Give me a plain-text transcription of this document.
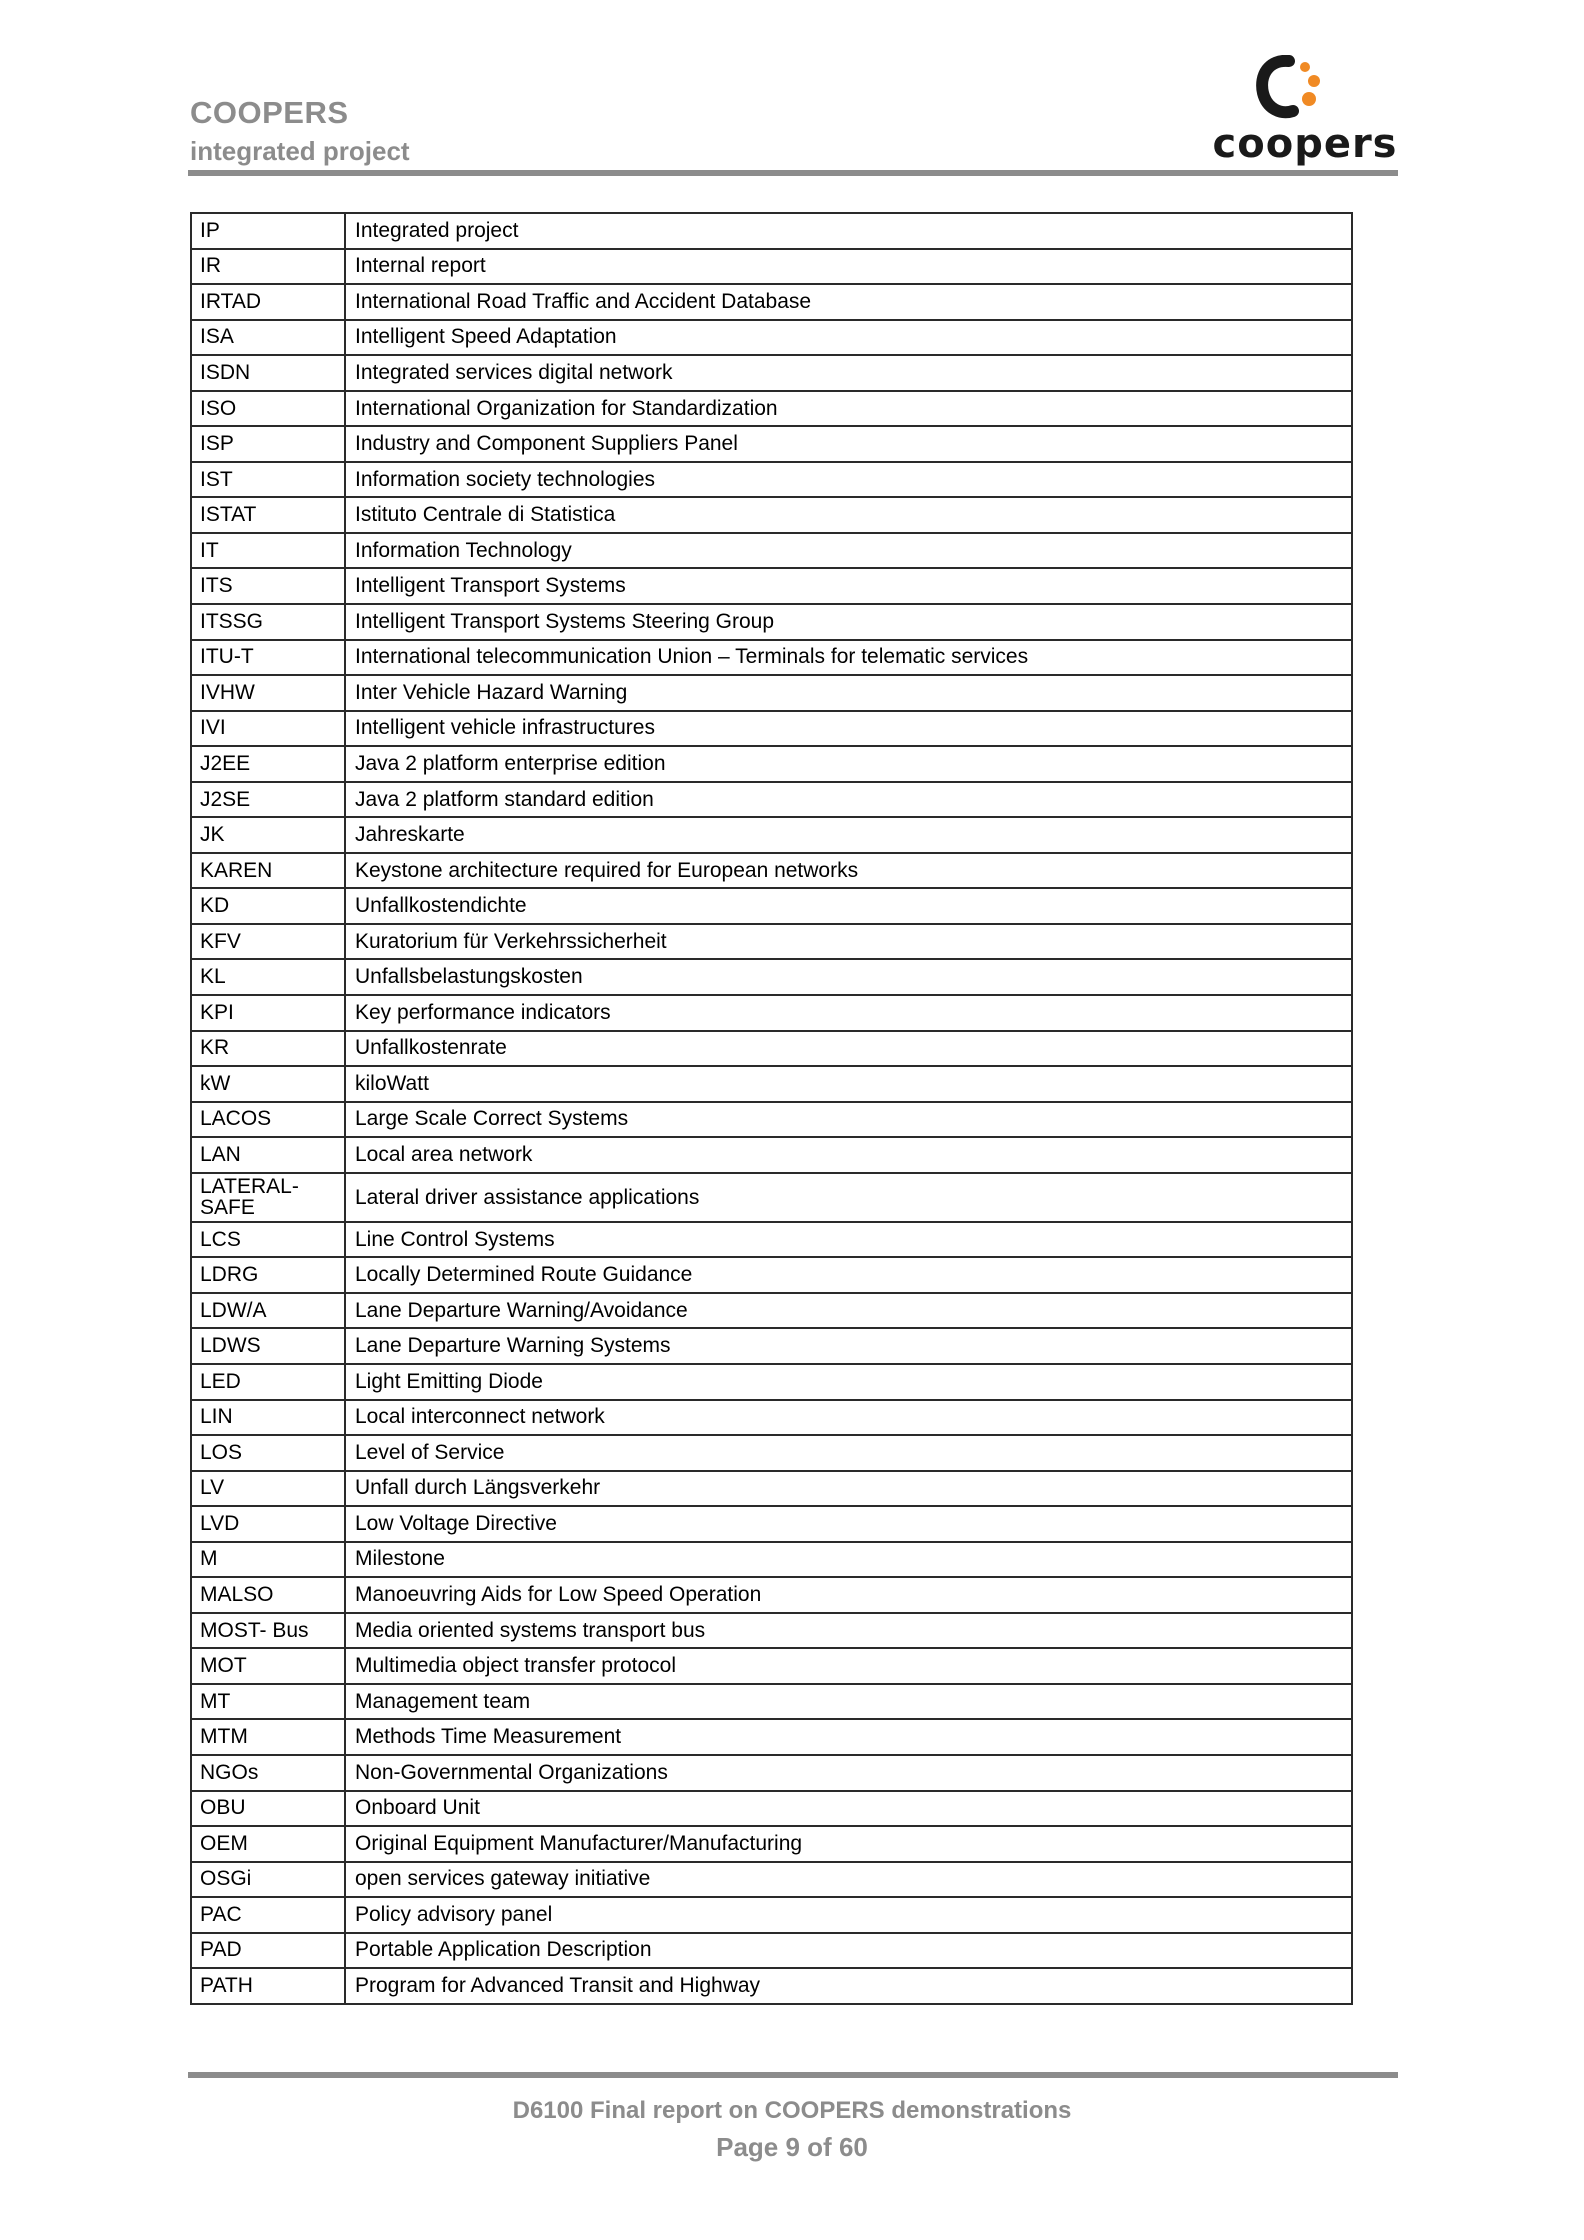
COOPERS
integrated project	coopers
IP	Integrated project
IR	Internal report
IRTAD	International Road Traffic and Accident Database
ISA	Intelligent Speed Adaptation
ISDN	Integrated services digital network
ISO	International Organization for Standardization
ISP	Industry and Component Suppliers Panel
IST	Information society technologies
ISTAT	Istituto Centrale di Statistica
IT	Information Technology
ITS	Intelligent Transport Systems
ITSSG	Intelligent Transport Systems Steering Group
ITU-T	International telecommunication Union – Terminals for telematic services
IVHW	Inter Vehicle Hazard Warning
IVI	Intelligent vehicle infrastructures
J2EE	Java 2 platform enterprise edition
J2SE	Java 2 platform standard edition
JK	Jahreskarte
KAREN	Keystone architecture required for European networks
KD	Unfallkostendichte
KFV	Kuratorium für Verkehrssicherheit
KL	Unfallsbelastungskosten
KPI	Key performance indicators
KR	Unfallkostenrate
kW	kiloWatt
LACOS	Large Scale Correct Systems
LAN	Local area network
LATERAL-SAFE	Lateral driver assistance applications
LCS	Line Control Systems
LDRG	Locally Determined Route Guidance
LDW/A	Lane Departure Warning/Avoidance
LDWS	Lane Departure Warning Systems
LED	Light Emitting Diode
LIN	Local interconnect network
LOS	Level of Service
LV	Unfall durch Längsverkehr
LVD	Low Voltage Directive
M	Milestone
MALSO	Manoeuvring Aids for Low Speed Operation
MOST- Bus	Media oriented systems transport bus
MOT	Multimedia object transfer protocol
MT	Management team
MTM	Methods Time Measurement
NGOs	Non-Governmental Organizations
OBU	Onboard Unit
OEM	Original Equipment Manufacturer/Manufacturing
OSGi	open services gateway initiative
PAC	Policy advisory panel
PAD	Portable Application Description
PATH	Program for Advanced Transit and Highway
D6100 Final report on COOPERS demonstrations
Page 9 of 60
